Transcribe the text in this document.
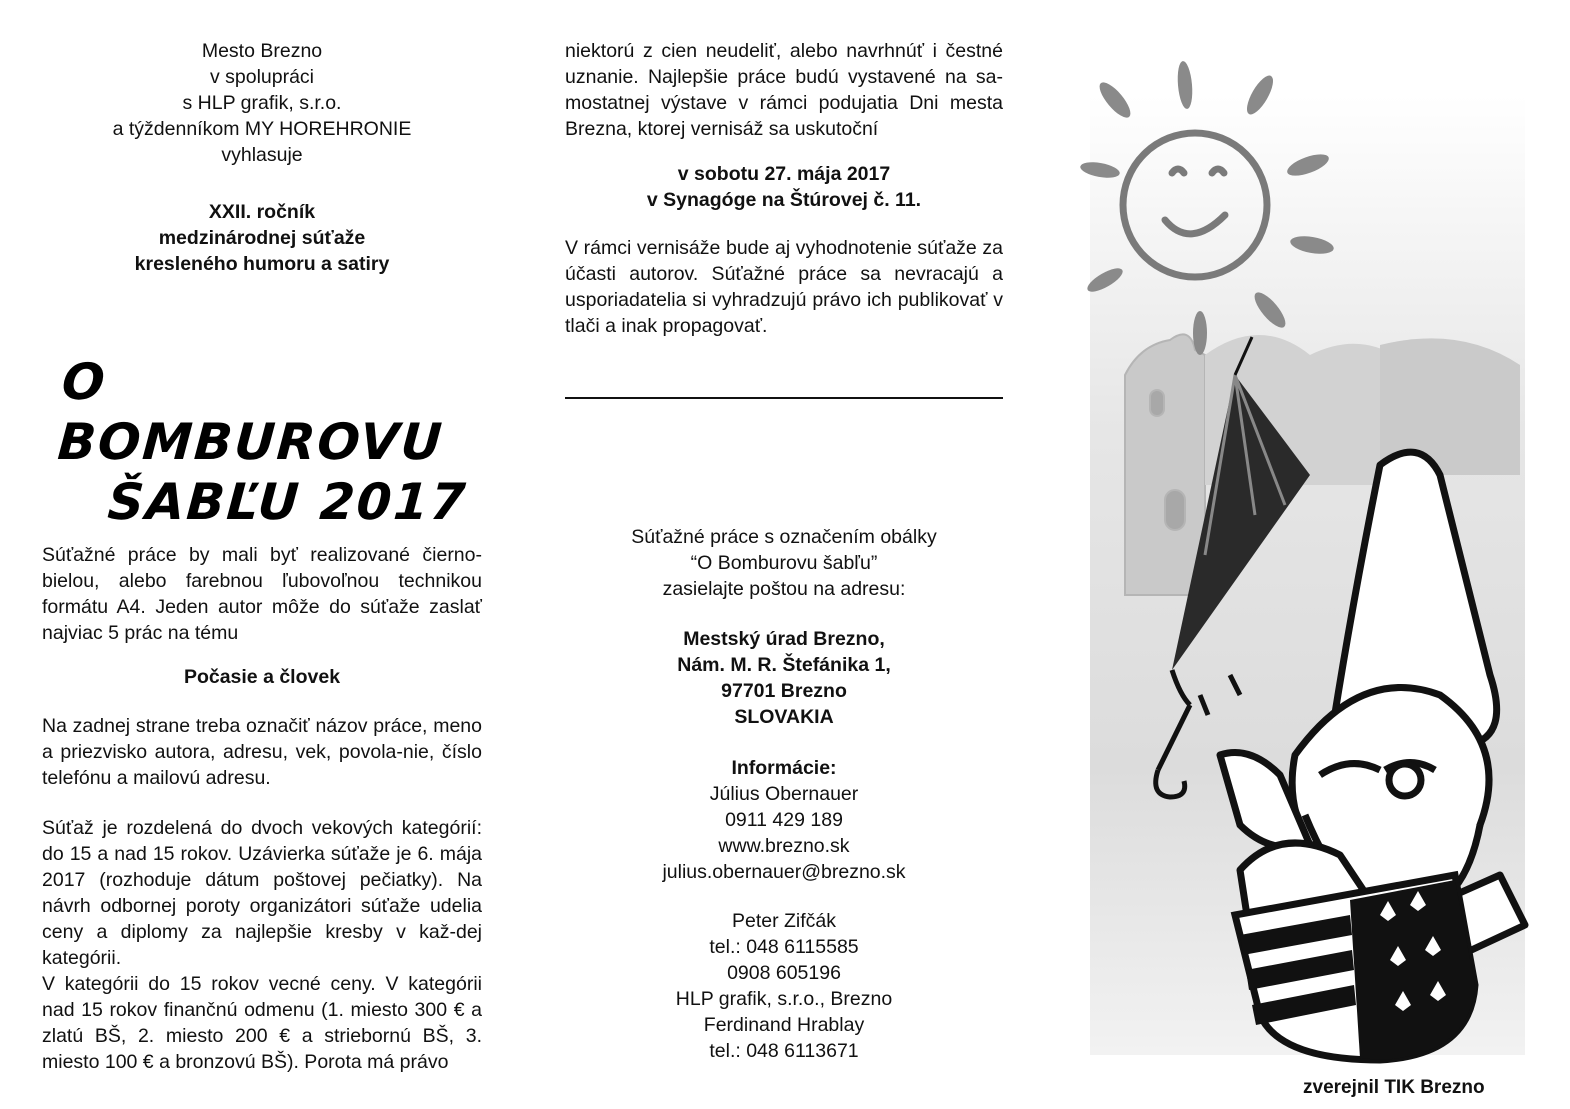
Mesto Brezno

v spolupráci

s HLP grafik, s.r.o.

a týždenníkom MY HOREHRONIE

vyhlasuje

XXII. ročník

medzinárodnej súťaže

kresleného humoru a satiry

O BOMBUROVU

ŠABĽU 2017

Súťažné práce by mali byť realizované čierno-bielou, alebo farebnou ľubovoľnou technikou formátu A4. Jeden autor môže do súťaže zaslať najviac 5 prác na tému

Počasie a človek

Na zadnej strane treba označiť názov práce, meno a priezvisko autora, adresu, vek, povola-nie, číslo telefónu a mailovú adresu.

Súťaž je rozdelená do dvoch vekových kategórií: do 15 a nad 15 rokov. Uzávierka súťaže je 6. mája 2017 (rozhoduje dátum poštovej pečiatky). Na návrh odbornej poroty organizátori súťaže udelia ceny a diplomy za najlepšie kresby v kaž-dej kategórii.

V kategórii do 15 rokov vecné ceny. V kategórii nad 15 rokov finančnú odmenu (1. miesto 300 € a zlatú BŠ, 2. miesto 200 € a striebornú BŠ, 3. miesto 100 € a bronzovú BŠ). Porota má právo

niektorú z cien neudeliť, alebo navrhnúť i čestné uznanie. Najlepšie práce budú vystavené na sa-mostatnej výstave v rámci podujatia Dni mesta Brezna, ktorej vernisáž sa uskutoční

v sobotu 27. mája 2017

v Synagóge na Štúrovej č. 11.

V rámci vernisáže bude aj vyhodnotenie súťaže za účasti autorov. Súťažné práce sa nevracajú a usporiadatelia si vyhradzujú právo ich publikovať v tlači a inak propagovať.

Súťažné práce s označením obálky

“O Bomburovu šabľu”

zasielajte poštou na adresu:

Mestský úrad Brezno,

Nám. M. R. Štefánika 1,

97701 Brezno

SLOVAKIA

Informácie:

Július Obernauer

0911 429 189

www.brezno.sk

julius.obernauer@brezno.sk

Peter Zifčák

tel.: 048 6115585

0908 605196

HLP grafik, s.r.o., Brezno

Ferdinand Hrablay

tel.: 048 6113671

zverejnil TIK Brezno
